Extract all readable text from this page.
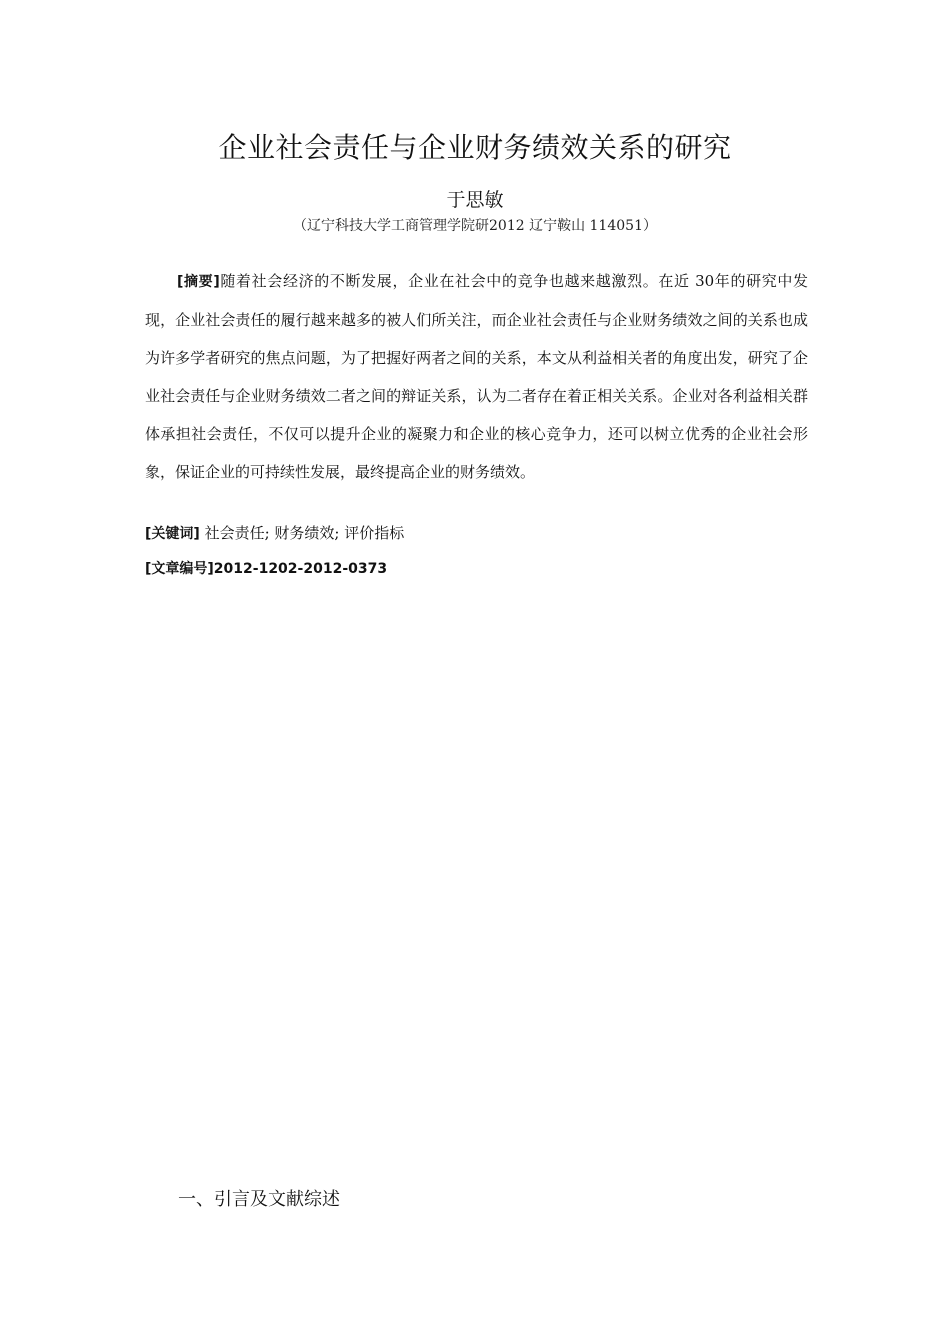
企业社会责任与企业财务绩效关系的研究
于思敏
（辽宁科技大学工商管理学院研2012 辽宁鞍山 114051）

[摘要]随着社会经济的不断发展，企业在社会中的竞争也越来越激烈。在近 30年的研究中发现，企业社会责任的履行越来越多的被人们所关注，而企业社会责任与企业财务绩效之间的关系也成为许多学者研究的焦点问题，为了把握好两者之间的关系，本文从利益相关者的角度出发，研究了企业社会责任与企业财务绩效二者之间的辩证关系，认为二者存在着正相关关系。企业对各利益相关群体承担社会责任，不仅可以提升企业的凝聚力和企业的核心竞争力，还可以树立优秀的企业社会形象，保证企业的可持续性发展，最终提高企业的财务绩效。

[关键词] 社会责任; 财务绩效; 评价指标
[文章编号]2012-1202-2012-0373
一、引言及文献综述
